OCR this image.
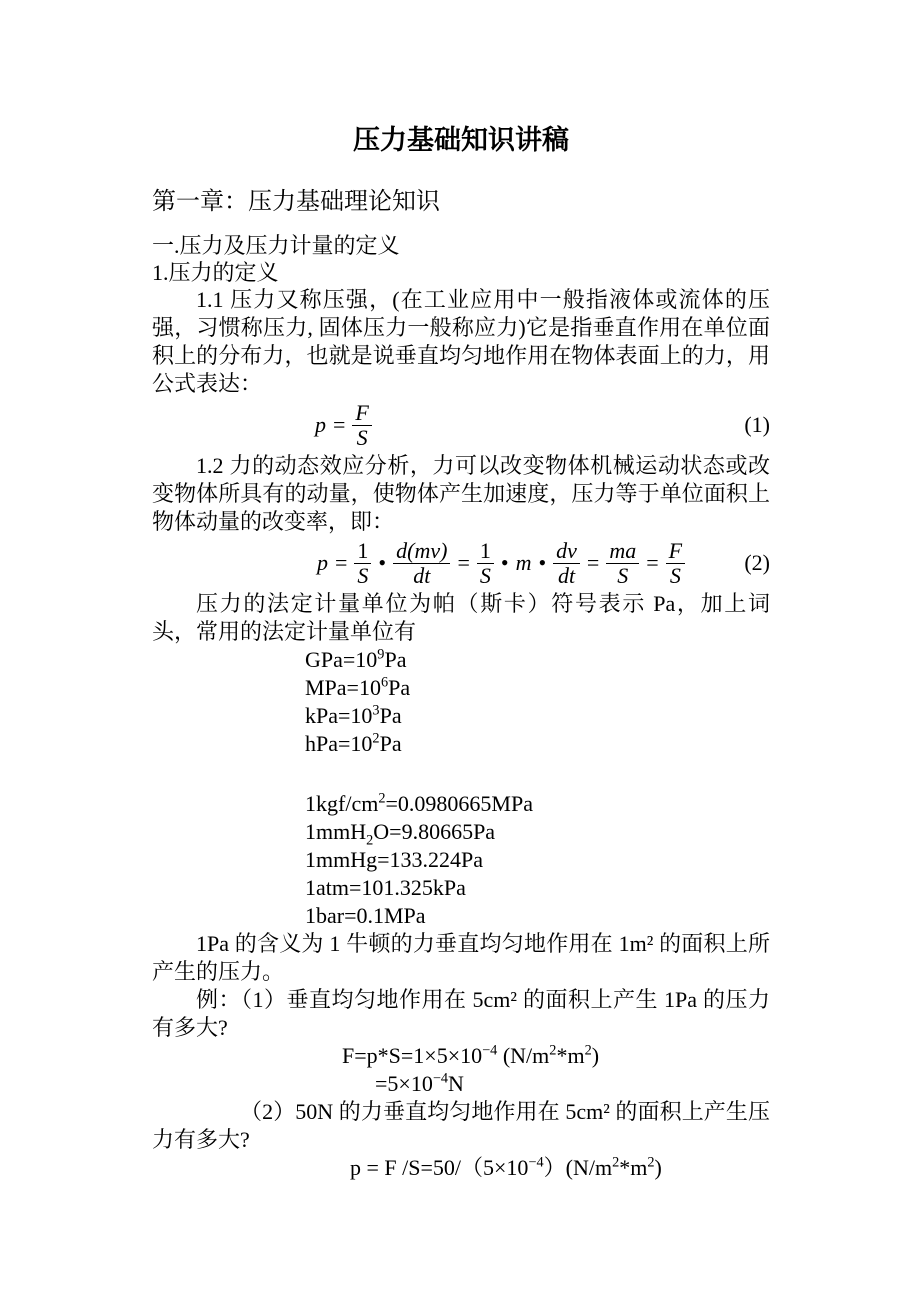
压力基础知识讲稿
第一章：压力基础理论知识
一.压力及压力计量的定义
1.压力的定义

1.1 压力又称压强，(在工业应用中一般指液体或流体的压强，习惯称压力, 固体压力一般称应力)它是指垂直作用在单位面积上的分布力，也就是说垂直均匀地作用在物体表面上的力，用公式表达：

$p = \frac{F}{S}$	(1)

1.2 力的动态效应分析，力可以改变物体机械运动状态或改变物体所具有的动量，使物体产生加速度，压力等于单位面积上物体动量的改变率，即：

$p = \frac{1}{S}$ • $\frac{d(mv)}{dt} = \frac{1}{S}$ • m • $\frac{dv}{dt} = \frac{ma}{S} = \frac{F}{S}$	(2)

压力的法定计量单位为帕（斯卡）符号表示 Pa，加上词头，常用的法定计量单位有

$GPa=10^9Pa$
$MPa=10^6Pa$
$kPa=10^3Pa$
$hPa=10^2Pa$
$1kgf/cm^2=0.0980665MPa$
1mmH$_2$O=9.80665Pa
1mmHg=133.224Pa
1atm=101.325kPa
1bar=0.1MPa

1Pa 的含义为 1 牛顿的力垂直均匀地作用在 1m² 的面积上所产生的压力。

例：（1）垂直均匀地作用在 5cm² 的面积上产生 1Pa 的压力有多大?

$F=p*S=1\times 5\times 10^{-4}$ $(N/m^2*m^2)$
$=5\times 10^{-4}N$

（2）50N 的力垂直均匀地作用在 5cm² 的面积上产生压力有多大?

p = F $/S=50/(5\times 10^{-4})(N/m^2*m^2)$
